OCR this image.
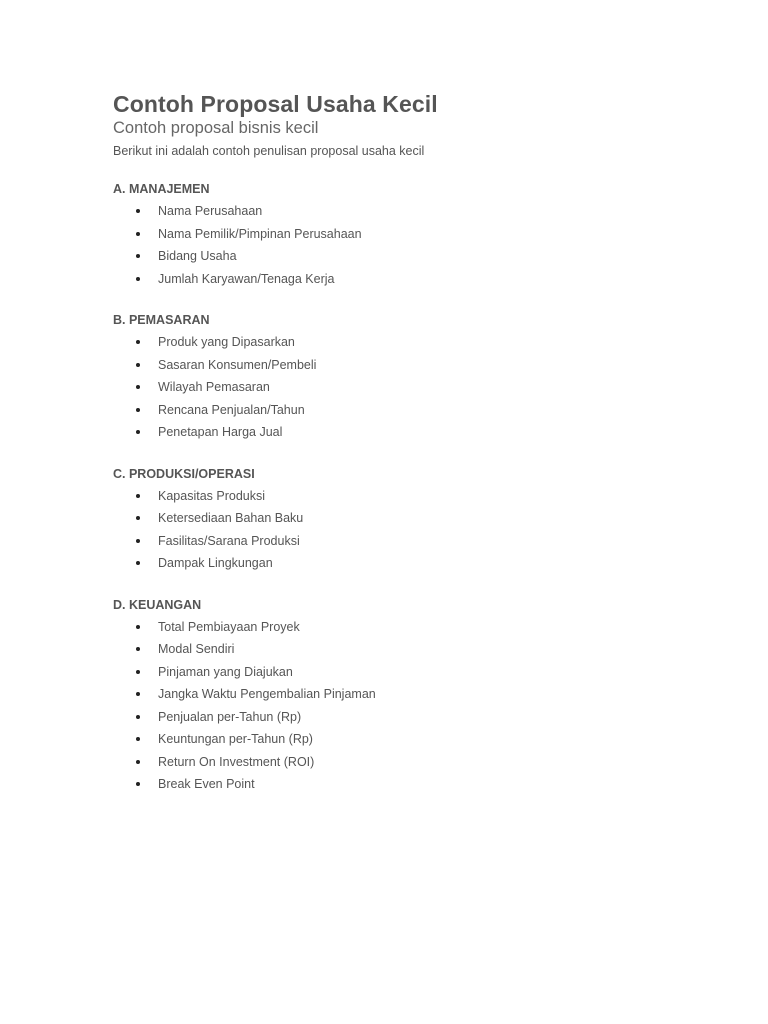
Contoh Proposal Usaha Kecil

Contoh proposal bisnis kecil

Berikut ini adalah contoh penulisan proposal usaha kecil

A. MANAJEMEN
Nama Perusahaan
Nama Pemilik/Pimpinan Perusahaan
Bidang Usaha
Jumlah Karyawan/Tenaga Kerja
B. PEMASARAN
Produk yang Dipasarkan
Sasaran Konsumen/Pembeli
Wilayah Pemasaran
Rencana Penjualan/Tahun
Penetapan Harga Jual
C. PRODUKSI/OPERASI
Kapasitas Produksi
Ketersediaan Bahan Baku
Fasilitas/Sarana Produksi
Dampak Lingkungan
D. KEUANGAN
Total Pembiayaan Proyek
Modal Sendiri
Pinjaman yang Diajukan
Jangka Waktu Pengembalian Pinjaman
Penjualan per-Tahun (Rp)
Keuntungan per-Tahun (Rp)
Return On Investment (ROI)
Break Even Point
